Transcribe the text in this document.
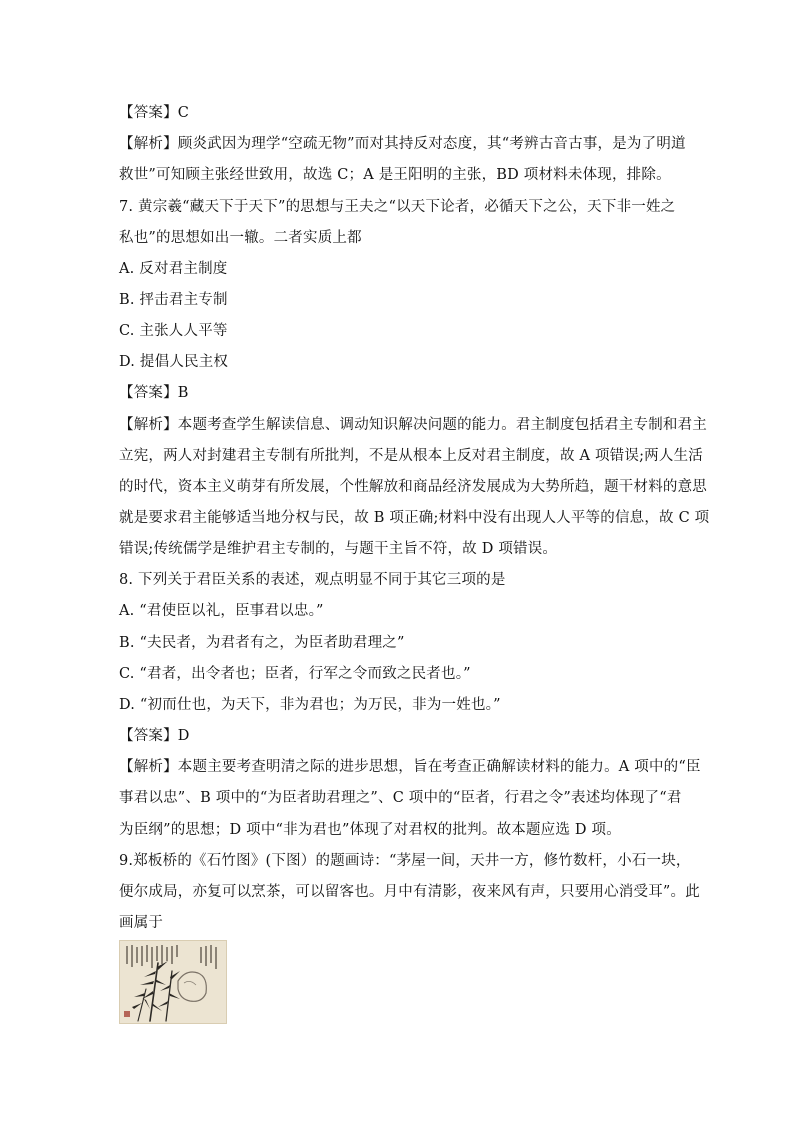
【答案】C
【解析】顾炎武因为理学“空疏无物”而对其持反对态度，其“考辨古音古事，是为了明道
救世”可知顾主张经世致用，故选 C；A 是王阳明的主张，BD 项材料未体现，排除。
7. 黄宗羲“藏天下于天下”的思想与王夫之“以天下论者，必循天下之公，天下非一姓之
私也”的思想如出一辙。二者实质上都
A. 反对君主制度
B. 抨击君主专制
C. 主张人人平等
D. 提倡人民主权
【答案】B
【解析】本题考查学生解读信息、调动知识解决问题的能力。君主制度包括君主专制和君主
立宪，两人对封建君主专制有所批判，不是从根本上反对君主制度，故 A 项错误;两人生活
的时代，资本主义萌芽有所发展，个性解放和商品经济发展成为大势所趋，题干材料的意思
就是要求君主能够适当地分权与民，故 B 项正确;材料中没有出现人人平等的信息，故 C 项
错误;传统儒学是维护君主专制的，与题干主旨不符，故 D 项错误。
8. 下列关于君臣关系的表述，观点明显不同于其它三项的是
A. “君使臣以礼，臣事君以忠。”
B. “夫民者，为君者有之，为臣者助君理之”
C. “君者，出令者也；臣者，行军之令而致之民者也。”
D. “初而仕也，为天下，非为君也；为万民，非为一姓也。”
【答案】D
【解析】本题主要考查明清之际的进步思想，旨在考查正确解读材料的能力。A 项中的“臣
事君以忠”、B 项中的“为臣者助君理之”、C 项中的“臣者，行君之令”表述均体现了“君
为臣纲”的思想；D 项中“非为君也”体现了对君权的批判。故本题应选 D 项。
9.郑板桥的《石竹图》(下图）的题画诗：“茅屋一间，天井一方，修竹数杆，小石一块，
便尔成局，亦复可以烹茶，可以留客也。月中有清影，夜来风有声，只要用心消受耳”。此
画属于
